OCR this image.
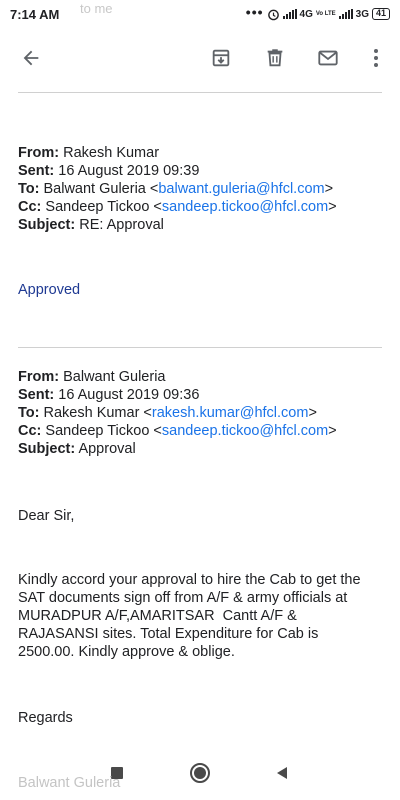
7:14 AM to me	•••	4G Vo LTE 3G 41
From: Rakesh Kumar
Sent: 16 August 2019 09:39
To: Balwant Guleria <balwant.guleria@hfcl.com>
Cc: Sandeep Tickoo <sandeep.tickoo@hfcl.com>
Subject: RE: Approval
Approved
From: Balwant Guleria
Sent: 16 August 2019 09:36
To: Rakesh Kumar <rakesh.kumar@hfcl.com>
Cc: Sandeep Tickoo <sandeep.tickoo@hfcl.com>
Subject: Approval
Dear Sir,
Kindly accord your approval to hire the Cab to get the
SAT documents sign off from A/F & army officials at
MURADPUR A/F,AMARITSAR  Cantt A/F &
RAJASANSI sites. Total Expenditure for Cab is
2500.00. Kindly approve & oblige.
Regards
Balwant Guleria
